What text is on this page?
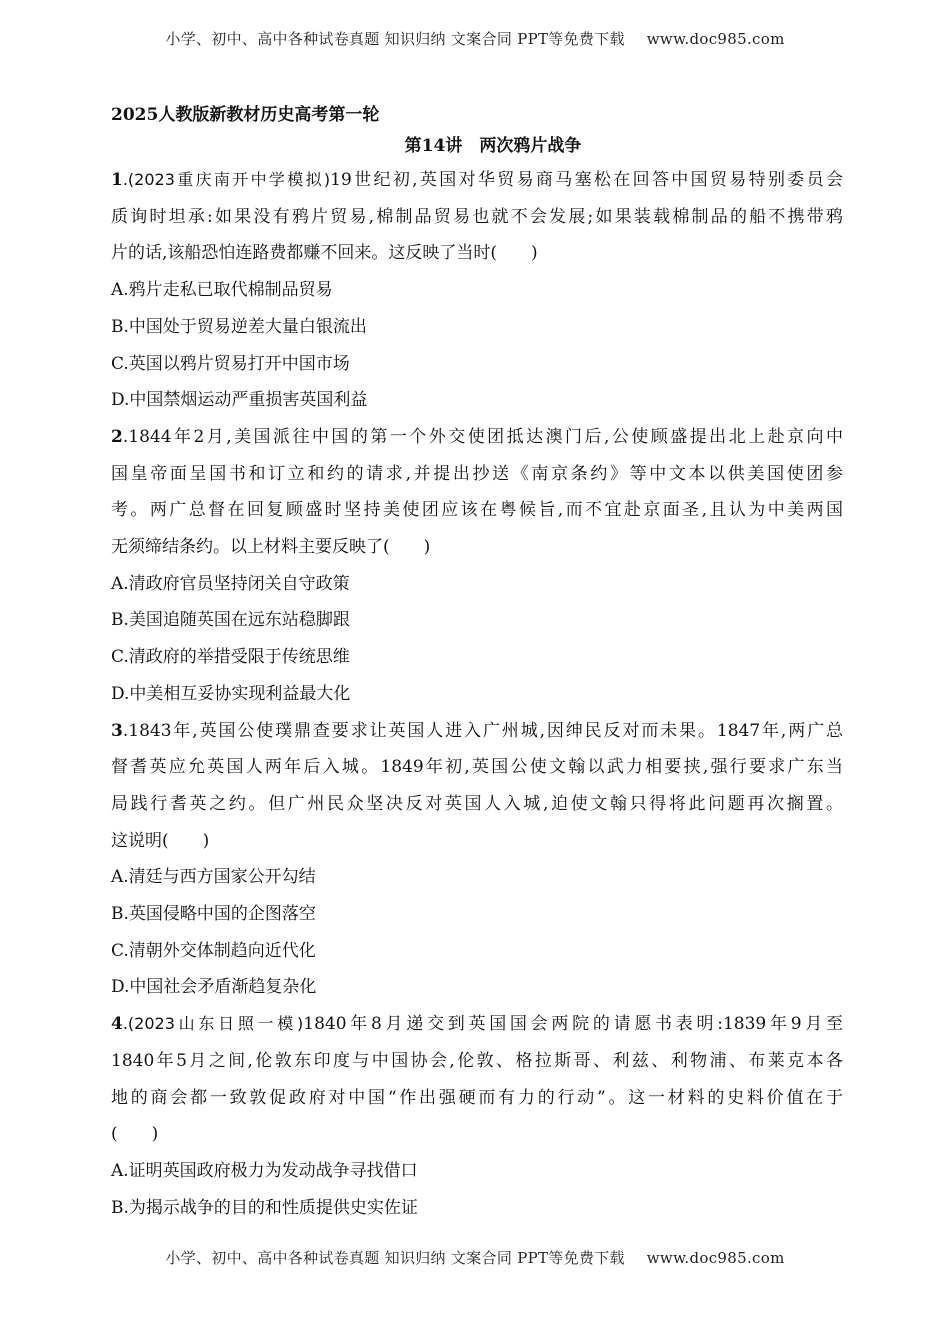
小学、初中、高中各种试卷真题 知识归纳 文案合同 PPT等免费下载 www.doc985.com
2025人教版新教材历史高考第一轮
第14讲　两次鸦片战争
1.(2023重庆南开中学模拟)19世纪初,英国对华贸易商马塞松在回答中国贸易特别委员会
质询时坦承:如果没有鸦片贸易,棉制品贸易也就不会发展;如果装载棉制品的船不携带鸦
片的话,该船恐怕连路费都赚不回来。这反映了当时(　　)
A.鸦片走私已取代棉制品贸易
B.中国处于贸易逆差大量白银流出
C.英国以鸦片贸易打开中国市场
D.中国禁烟运动严重损害英国利益
2.1844年2月,美国派往中国的第一个外交使团抵达澳门后,公使顾盛提出北上赴京向中
国皇帝面呈国书和订立和约的请求,并提出抄送《南京条约》等中文本以供美国使团参
考。两广总督在回复顾盛时坚持美使团应该在粤候旨,而不宜赴京面圣,且认为中美两国
无须缔结条约。以上材料主要反映了(　　)
A.清政府官员坚持闭关自守政策
B.美国追随英国在远东站稳脚跟
C.清政府的举措受限于传统思维
D.中美相互妥协实现利益最大化
3.1843年,英国公使璞鼎查要求让英国人进入广州城,因绅民反对而未果。1847年,两广总
督耆英应允英国人两年后入城。1849年初,英国公使文翰以武力相要挟,强行要求广东当
局践行耆英之约。但广州民众坚决反对英国人入城,迫使文翰只得将此问题再次搁置。
这说明(　　)
A.清廷与西方国家公开勾结
B.英国侵略中国的企图落空
C.清朝外交体制趋向近代化
D.中国社会矛盾渐趋复杂化
4.(2023山东日照一模)1840年8月递交到英国国会两院的请愿书表明:1839年9月至
1840年5月之间,伦敦东印度与中国协会,伦敦、格拉斯哥、利兹、利物浦、布莱克本各
地的商会都一致敦促政府对中国“作出强硬而有力的行动”。这一材料的史料价值在于
(　　)
A.证明英国政府极力为发动战争寻找借口
B.为揭示战争的目的和性质提供史实佐证
小学、初中、高中各种试卷真题 知识归纳 文案合同 PPT等免费下载 www.doc985.com
